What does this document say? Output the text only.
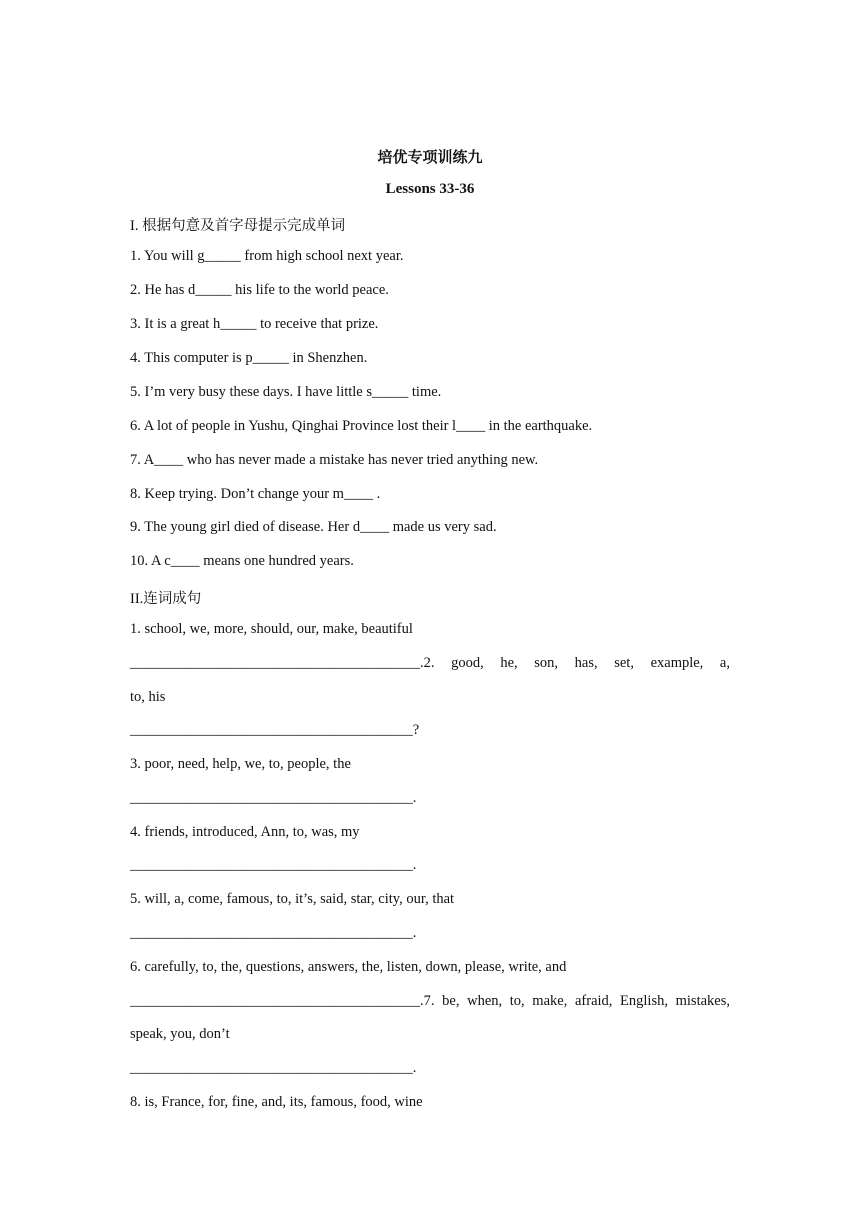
培优专项训练九
Lessons 33-36
I. 根据句意及首字母提示完成单词
1. You will g_____ from high school next year.
2. He has d_____ his life to the world peace.
3. It is a great h_____ to receive that prize.
4. This computer is p_____ in Shenzhen.
5. I’m very busy these days. I have little s_____ time.
6. A lot of people in Yushu, Qinghai Province lost their l____ in the earthquake.
7. A____ who has never made a mistake has never tried anything new.
8. Keep trying. Don’t change your m____ .
9. The young girl died of disease. Her d____ made us very sad.
10. A c____ means one hundred years.
II.连词成句
1. school, we, more, should, our, make, beautiful
________________________________________.2. good, he, son, has, set, example, a,
to, his
_______________________________________?
3. poor, need, help, we, to, people, the
_______________________________________.
4. friends, introduced, Ann, to, was, my
_______________________________________.
5. will, a, come, famous, to, it’s, said, star, city, our, that
_______________________________________.
6. carefully, to, the, questions, answers, the, listen, down, please, write, and
________________________________________.7. be, when, to, make, afraid, English, mistakes,
speak, you, don’t
_______________________________________.
8. is, France, for, fine, and, its, famous, food, wine
